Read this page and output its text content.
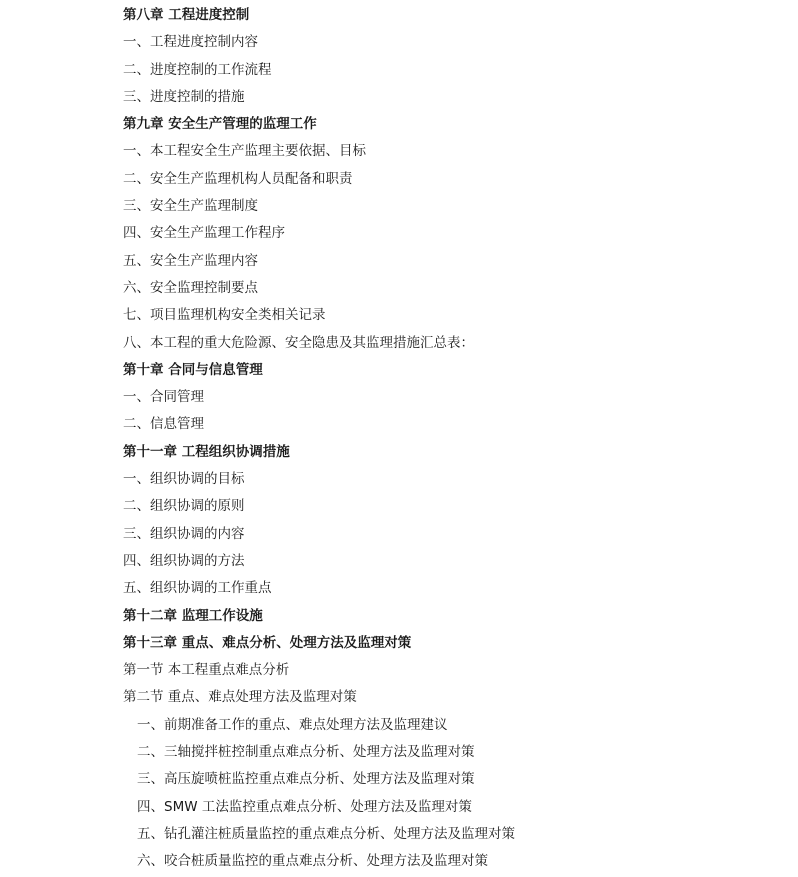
第八章 工程进度控制
一、工程进度控制内容
二、进度控制的工作流程
三、进度控制的措施
第九章 安全生产管理的监理工作
一、本工程安全生产监理主要依据、目标
二、安全生产监理机构人员配备和职责
三、安全生产监理制度
四、安全生产监理工作程序
五、安全生产监理内容
六、安全监理控制要点
七、项目监理机构安全类相关记录
八、本工程的重大危险源、安全隐患及其监理措施汇总表：
第十章 合同与信息管理
一、合同管理
二、信息管理
第十一章 工程组织协调措施
一、组织协调的目标
二、组织协调的原则
三、组织协调的内容
四、组织协调的方法
五、组织协调的工作重点
第十二章 监理工作设施
第十三章 重点、难点分析、处理方法及监理对策
第一节 本工程重点难点分析
第二节 重点、难点处理方法及监理对策
一、前期准备工作的重点、难点处理方法及监理建议
二、三轴搅拌桩控制重点难点分析、处理方法及监理对策
三、高压旋喷桩监控重点难点分析、处理方法及监理对策
四、SMW 工法监控重点难点分析、处理方法及监理对策
五、钻孔灌注桩质量监控的重点难点分析、处理方法及监理对策
六、咬合桩质量监控的重点难点分析、处理方法及监理对策
